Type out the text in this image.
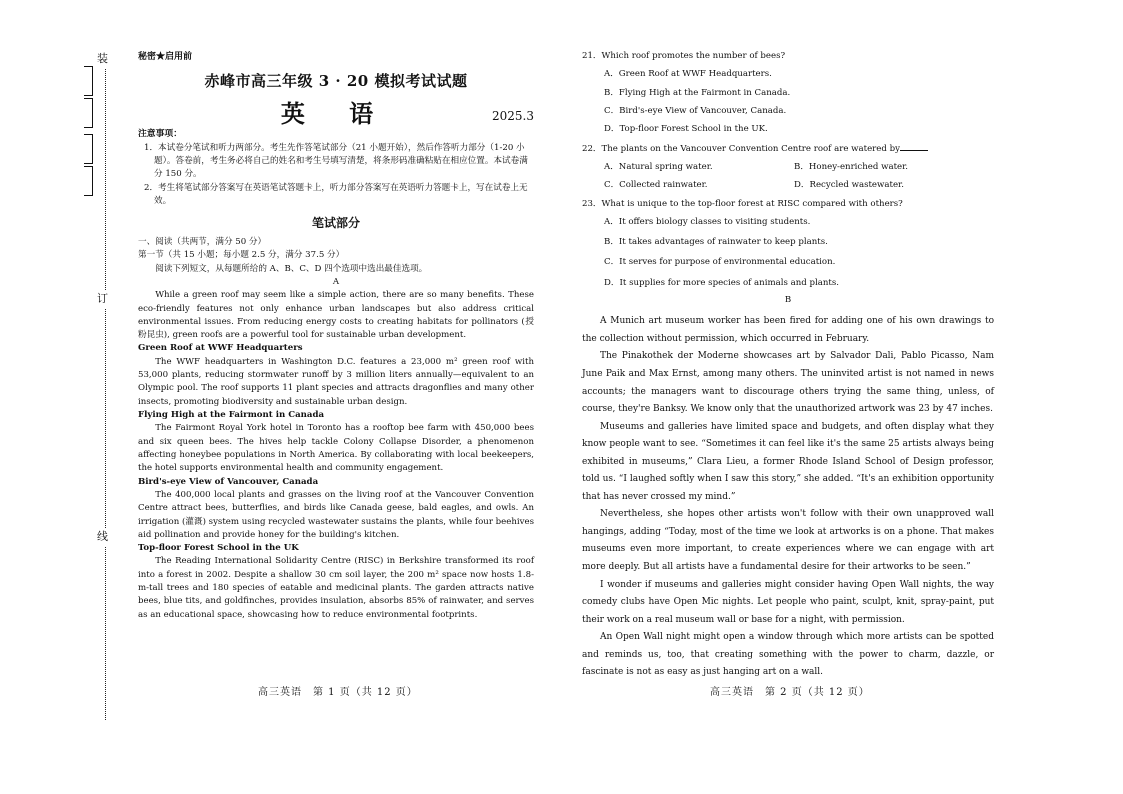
装
订
线
秘密★启用前
赤峰市高三年级 3 · 20 模拟考试试题
英 语	2025.3
注意事项：
1．本试卷分笔试和听力两部分。考生先作答笔试部分（21 小题开始），然后作答听力部分（1-20 小题）。答卷前，考生务必将自己的姓名和考生号填写清楚，将条形码准确粘贴在相应位置。本试卷满分 150 分。
2．考生将笔试部分答案写在英语笔试答题卡上，听力部分答案写在英语听力答题卡上，写在试卷上无效。
笔试部分
一、阅读（共两节，满分 50 分）
第一节（共 15 小题；每小题 2.5 分，满分 37.5 分）
阅读下列短文，从每题所给的 A、B、C、D 四个选项中选出最佳选项。
A

While a green roof may seem like a simple action, there are so many benefits. These eco-friendly features not only enhance urban landscapes but also address critical environmental issues. From reducing energy costs to creating habitats for pollinators (授粉昆虫), green roofs are a powerful tool for sustainable urban development.

Green Roof at WWF Headquarters

The WWF headquarters in Washington D.C. features a 23,000 m² green roof with 53,000 plants, reducing stormwater runoff by 3 million liters annually—equivalent to an Olympic pool. The roof supports 11 plant species and attracts dragonflies and many other insects, promoting biodiversity and sustainable urban design.

Flying High at the Fairmont in Canada

The Fairmont Royal York hotel in Toronto has a rooftop bee farm with 450,000 bees and six queen bees. The hives help tackle Colony Collapse Disorder, a phenomenon affecting honeybee populations in North America. By collaborating with local beekeepers, the hotel supports environmental health and community engagement.

Bird's-eye View of Vancouver, Canada

The 400,000 local plants and grasses on the living roof at the Vancouver Convention Centre attract bees, butterflies, and birds like Canada geese, bald eagles, and owls. An irrigation (灌溉) system using recycled wastewater sustains the plants, while four beehives aid pollination and provide honey for the building's kitchen.

Top-floor Forest School in the UK

The Reading International Solidarity Centre (RISC) in Berkshire transformed its roof into a forest in 2002. Despite a shallow 30 cm soil layer, the 200 m² space now hosts 1.8-m-tall trees and 180 species of eatable and medicinal plants. The garden attracts native bees, blue tits, and goldfinches, provides insulation, absorbs 85% of rainwater, and serves as an educational space, showcasing how to reduce environmental footprints.

高三英语　第 1 页（共 12 页）
21．Which roof promotes the number of bees?
A．Green Roof at WWF Headquarters.
B．Flying High at the Fairmont in Canada.
C．Bird's-eye View of Vancouver, Canada.
D．Top-floor Forest School in the UK.
22．The plants on the Vancouver Convention Centre roof are watered by
A．Natural spring water.	B．Honey-enriched water.
C．Collected rainwater.	D．Recycled wastewater.
23．What is unique to the top-floor forest at RISC compared with others?
A．It offers biology classes to visiting students.
B．It takes advantages of rainwater to keep plants.
C．It serves for purpose of environmental education.
D．It supplies for more species of animals and plants.
B

A Munich art museum worker has been fired for adding one of his own drawings to the collection without permission, which occurred in February.

The Pinakothek der Moderne showcases art by Salvador Dali, Pablo Picasso, Nam June Paik and Max Ernst, among many others. The uninvited artist is not named in news accounts; the managers want to discourage others trying the same thing, unless, of course, they're Banksy. We know only that the unauthorized artwork was 23 by 47 inches.

Museums and galleries have limited space and budgets, and often display what they know people want to see. “Sometimes it can feel like it's the same 25 artists always being exhibited in museums,” Clara Lieu, a former Rhode Island School of Design professor, told us. “I laughed softly when I saw this story,” she added. “It's an exhibition opportunity that has never crossed my mind.”

Nevertheless, she hopes other artists won't follow with their own unapproved wall hangings, adding “Today, most of the time we look at artworks is on a phone. That makes museums even more important, to create experiences where we can engage with art more deeply. But all artists have a fundamental desire for their artworks to be seen.”

I wonder if museums and galleries might consider having Open Wall nights, the way comedy clubs have Open Mic nights. Let people who paint, sculpt, knit, spray-paint, put their work on a real museum wall or base for a night, with permission.

An Open Wall night might open a window through which more artists can be spotted and reminds us, too, that creating something with the power to charm, dazzle, or fascinate is not as easy as just hanging art on a wall.

高三英语　第 2 页（共 12 页）
